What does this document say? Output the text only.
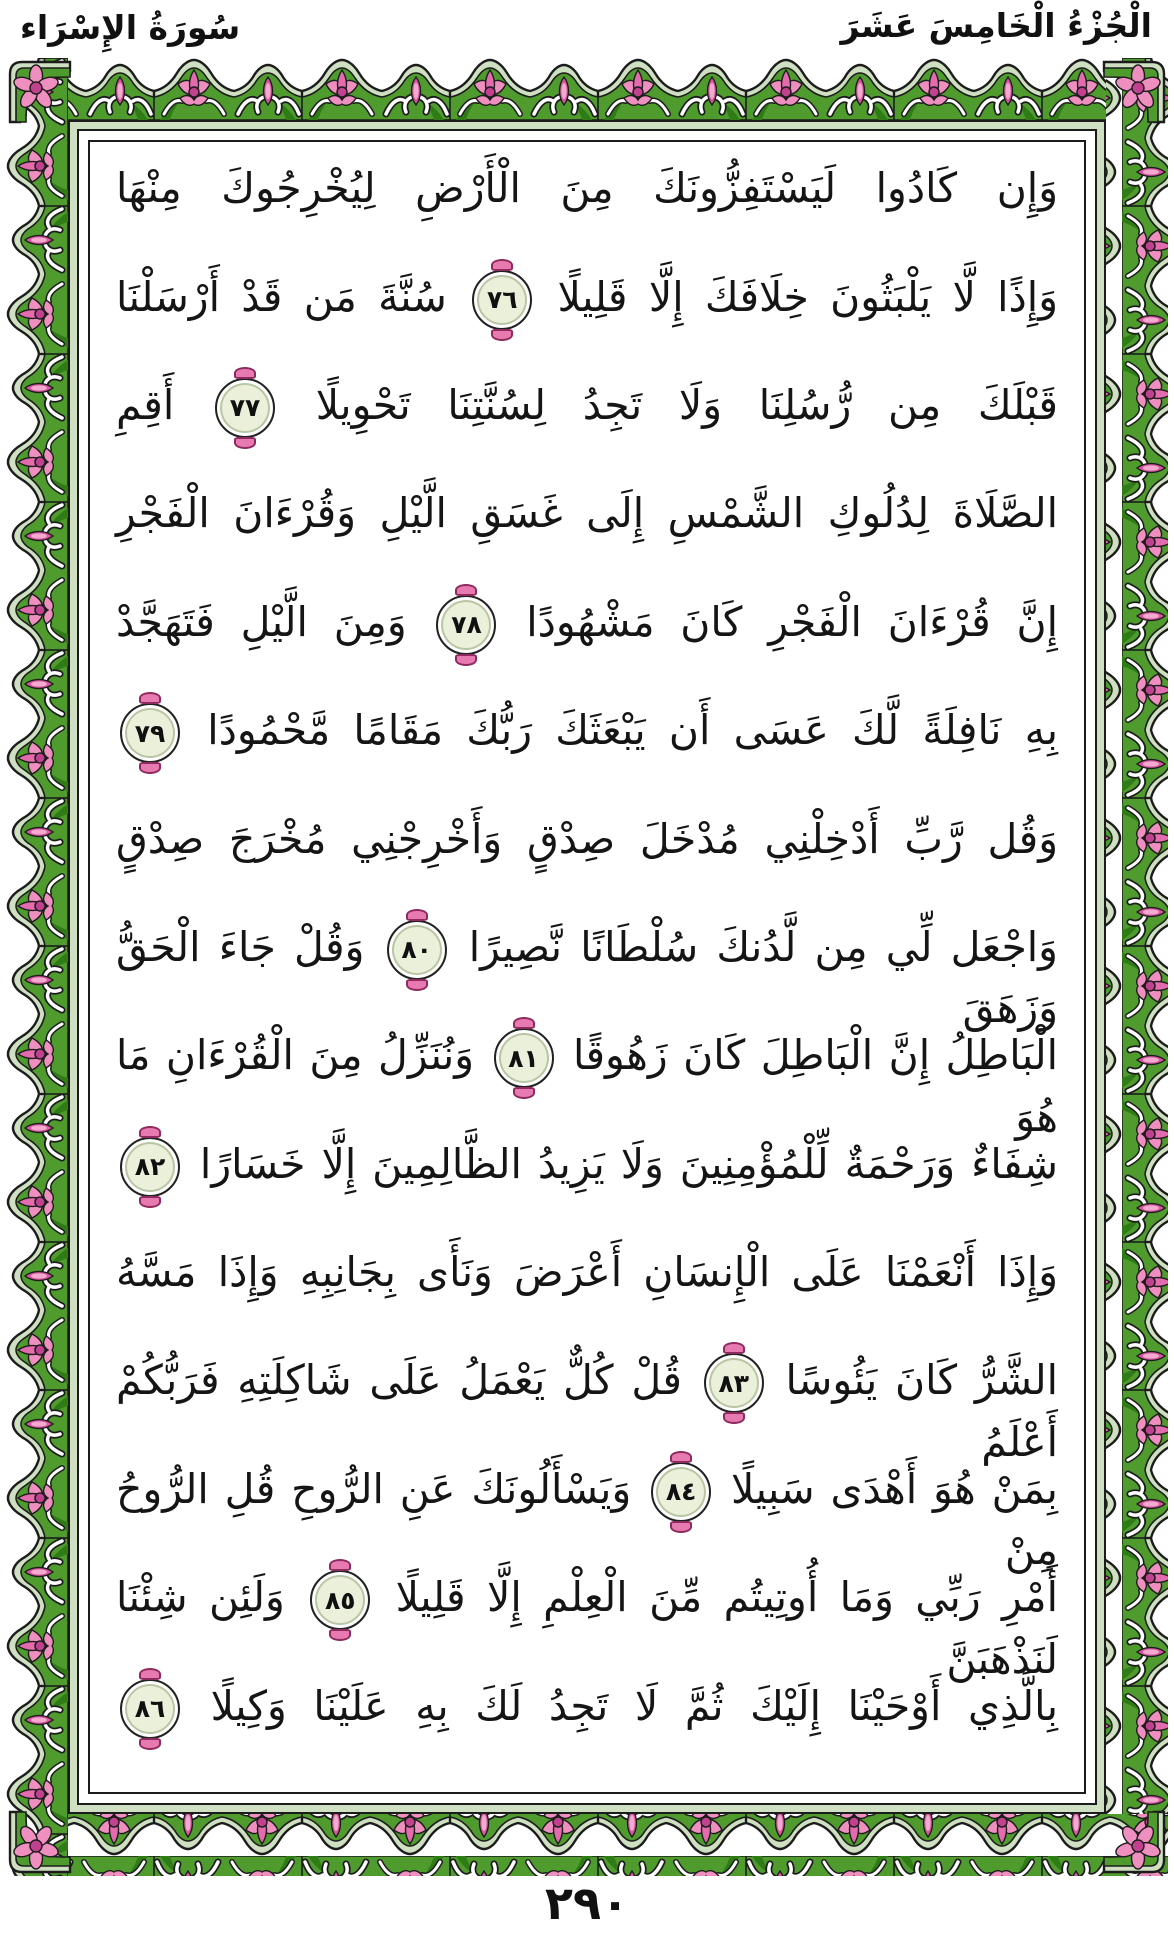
الْجُزْءُ الْخَامِسَ عَشَرَ
سُورَةُ الإِسْرَاء
وَإِن كَادُوا لَيَسْتَفِزُّونَكَ مِنَ الْأَرْضِ لِيُخْرِجُوكَ مِنْهَا
وَإِذًا لَّا يَلْبَثُونَ خِلَافَكَ إِلَّا قَلِيلًا
٧٦
سُنَّةَ مَن قَدْ أَرْسَلْنَا
قَبْلَكَ مِن رُّسُلِنَا وَلَا تَجِدُ لِسُنَّتِنَا تَحْوِيلًا
٧٧
أَقِمِ
الصَّلَاةَ لِدُلُوكِ الشَّمْسِ إِلَى غَسَقِ الَّيْلِ وَقُرْءَانَ الْفَجْرِ
إِنَّ قُرْءَانَ الْفَجْرِ كَانَ مَشْهُودًا
٧٨
وَمِنَ الَّيْلِ فَتَهَجَّدْ
بِهِ نَافِلَةً لَّكَ عَسَى أَن يَبْعَثَكَ رَبُّكَ مَقَامًا مَّحْمُودًا
٧٩
وَقُل رَّبِّ أَدْخِلْنِي مُدْخَلَ صِدْقٍ وَأَخْرِجْنِي مُخْرَجَ صِدْقٍ
وَاجْعَل لِّي مِن لَّدُنكَ سُلْطَانًا نَّصِيرًا
٨٠
وَقُلْ جَاءَ الْحَقُّ وَزَهَقَ
الْبَاطِلُ إِنَّ الْبَاطِلَ كَانَ زَهُوقًا
٨١
وَنُنَزِّلُ مِنَ الْقُرْءَانِ مَا هُوَ
شِفَاءٌ وَرَحْمَةٌ لِّلْمُؤْمِنِينَ وَلَا يَزِيدُ الظَّالِمِينَ إِلَّا خَسَارًا
٨٢
وَإِذَا أَنْعَمْنَا عَلَى الْإِنسَانِ أَعْرَضَ وَنَأَى بِجَانِبِهِ وَإِذَا مَسَّهُ
الشَّرُّ كَانَ يَئُوسًا
٨٣
قُلْ كُلٌّ يَعْمَلُ عَلَى شَاكِلَتِهِ فَرَبُّكُمْ أَعْلَمُ
بِمَنْ هُوَ أَهْدَى سَبِيلًا
٨٤
وَيَسْأَلُونَكَ عَنِ الرُّوحِ قُلِ الرُّوحُ مِنْ
أَمْرِ رَبِّي وَمَا أُوتِيتُم مِّنَ الْعِلْمِ إِلَّا قَلِيلًا
٨٥
وَلَئِن شِئْنَا لَنَذْهَبَنَّ
بِالَّذِي أَوْحَيْنَا إِلَيْكَ ثُمَّ لَا تَجِدُ لَكَ بِهِ عَلَيْنَا وَكِيلًا
٨٦
٢٩٠
